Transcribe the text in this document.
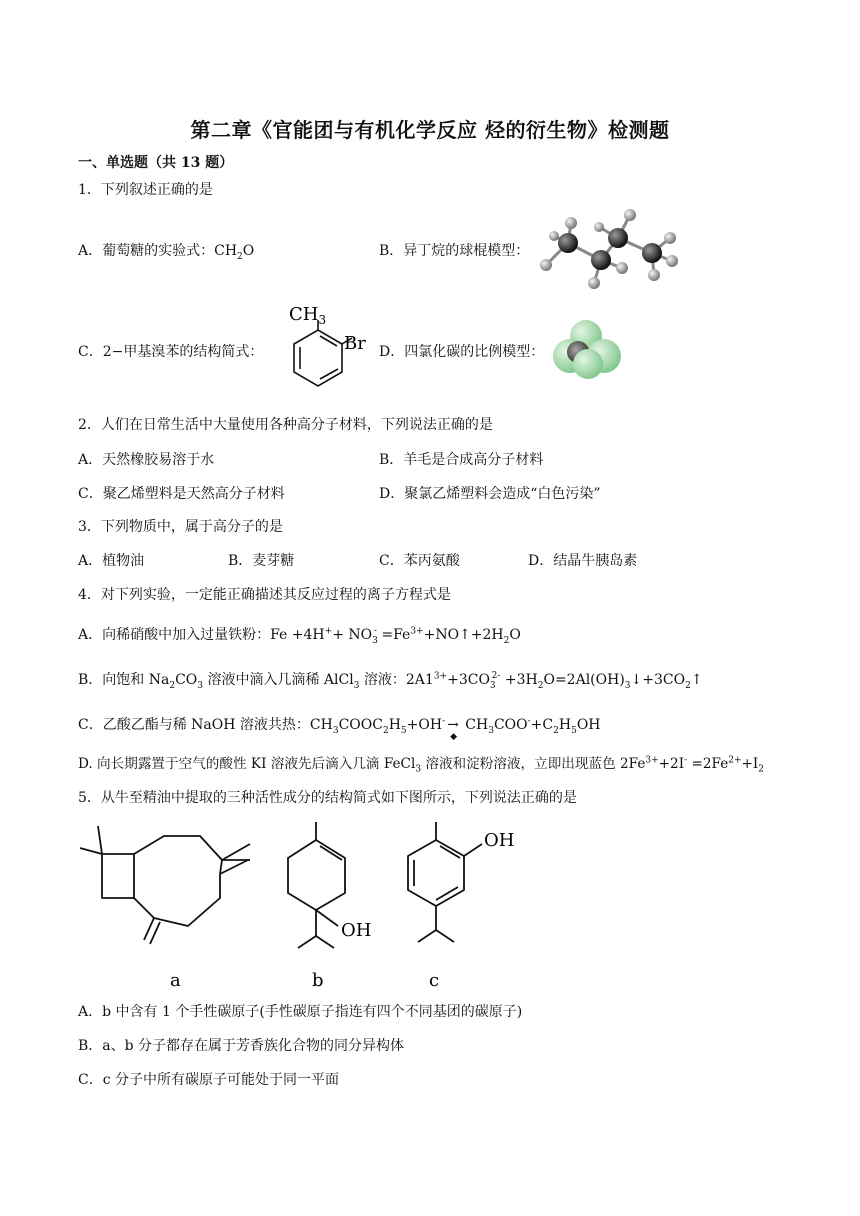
第二章《官能团与有机化学反应 烃的衍生物》检测题
一、单选题（共 13 题）
1．下列叙述正确的是
A．葡萄糖的实验式：$CH_2O$	B．异丁烷的球棍模型：
C．2−甲基溴苯的结构简式：
$CH_3$
Br D．四氯化碳的比例模型：
2．人们在日常生活中大量使用各种高分子材料，下列说法正确的是
A．天然橡胶易溶于水	B．羊毛是合成高分子材料
C．聚乙烯塑料是天然高分子材料	D．聚氯乙烯塑料会造成“白色污染”
3．下列物质中，属于高分子的是
A．植物油	B．麦芽糖	C．苯丙氨酸	D．结晶牛胰岛素
4．对下列实验，一定能正确描述其反应过程的离子方程式是
A．向稀硝酸中加入过量铁粉：$Fe +4H^++ NO_3^-$ $=Fe^{3+}+NO↑+2H_2O$
B．向饱和 $Na_2CO_3$ 溶液中滴入几滴稀 AlCl$_3$ 溶液：$2A1^{3+}+3CO_3^{2-}$ $+3H_2O=2Al(OH)_3↓+3CO_2↑$
C．乙酸乙酯与稀 NaOH 溶液共热：$CH_3COOC_2H_5+OH^-$ →
◆
$CH_3COO^-+C_2H_5OH$
D. 向长期露置于空气的酸性 KI 溶液先后滴入几滴 FeCl$_3$ 溶液和淀粉溶液，立即出现蓝色 $2Fe^{3+}+2I^- =2Fe^{2+}+I_2$
5．从牛至精油中提取的三种活性成分的结构简式如下图所示，下列说法正确的是
OH
OH
a	b	c
A．b 中含有 1 个手性碳原子(手性碳原子指连有四个不同基团的碳原子)
B．a、b 分子都存在属于芳香族化合物的同分异构体
C．c 分子中所有碳原子可能处于同一平面
